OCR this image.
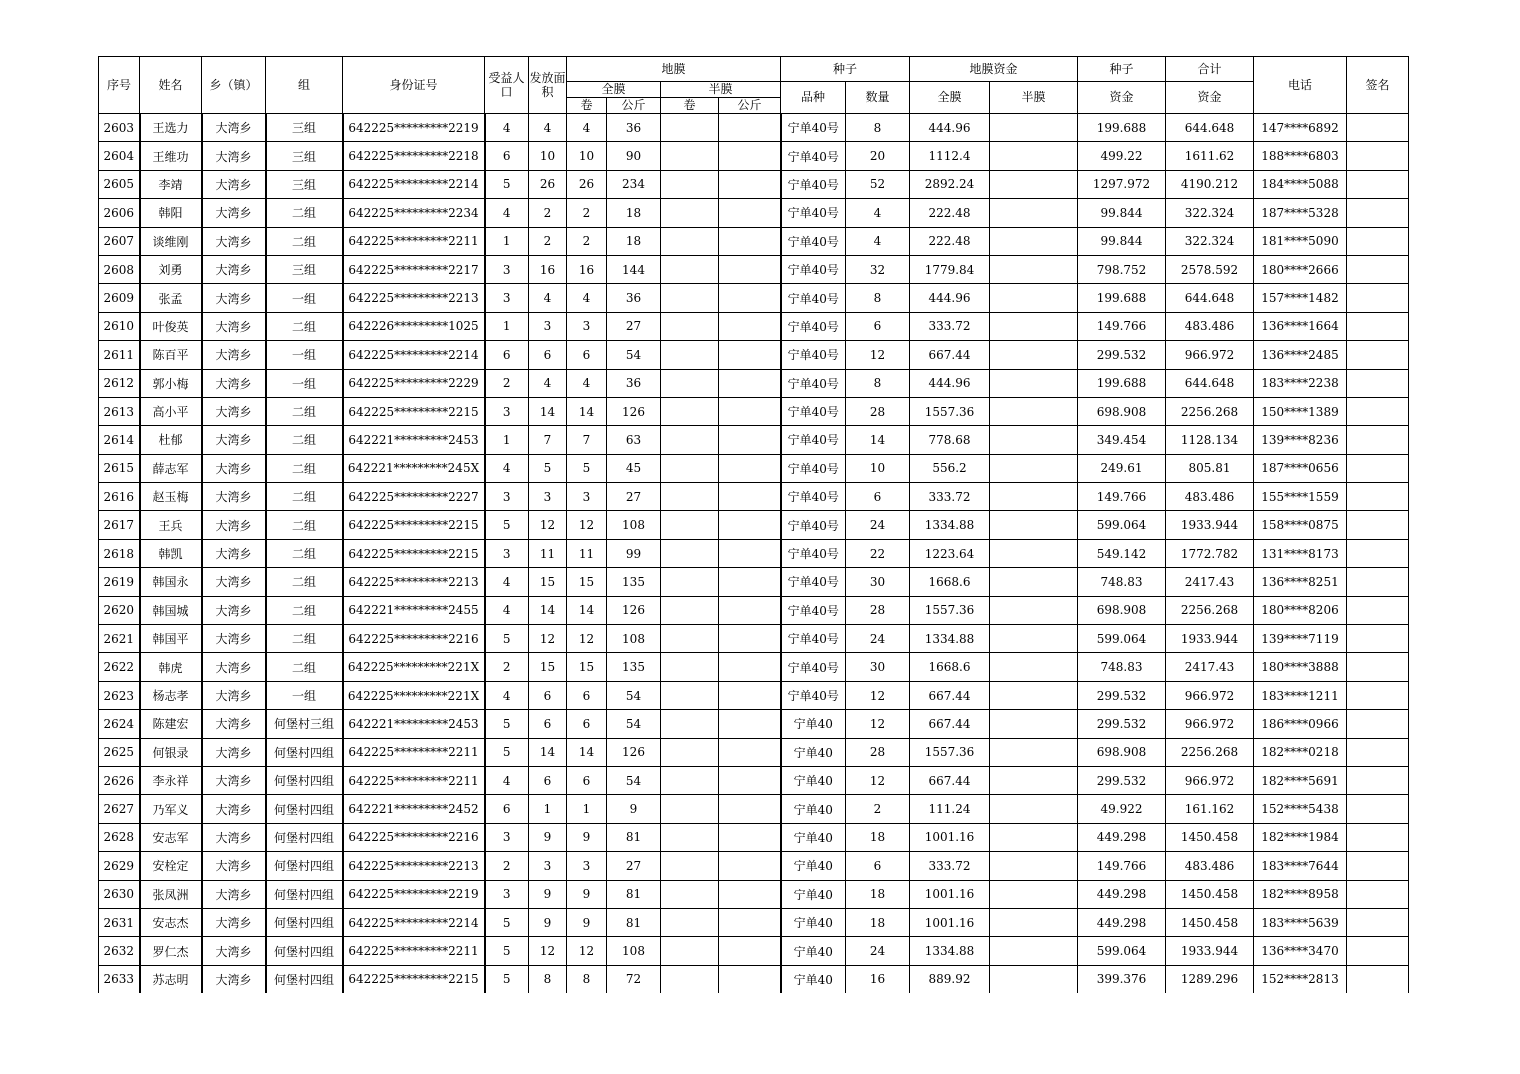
序号	姓名	乡（镇）	组	身份证号	受益人口	发放面积	地膜				种子		地膜资金		种子	合计	电话	签名
							全膜		半膜		品种	数量	全膜	半膜	资金	资金		
							卷	公斤	卷	公斤								
2603	王选力	大湾乡	三组	642225*********2219	4	4	4	36			宁单40号	8	444.96		199.688	644.648	147****6892	
2604	王维功	大湾乡	三组	642225*********2218	6	10	10	90			宁单40号	20	1112.4		499.22	1611.62	188****6803	
2605	李靖	大湾乡	三组	642225*********2214	5	26	26	234			宁单40号	52	2892.24		1297.972	4190.212	184****5088	
2606	韩阳	大湾乡	二组	642225*********2234	4	2	2	18			宁单40号	4	222.48		99.844	322.324	187****5328	
2607	谈维刚	大湾乡	二组	642225*********2211	1	2	2	18			宁单40号	4	222.48		99.844	322.324	181****5090	
2608	刘勇	大湾乡	三组	642225*********2217	3	16	16	144			宁单40号	32	1779.84		798.752	2578.592	180****2666	
2609	张孟	大湾乡	一组	642225*********2213	3	4	4	36			宁单40号	8	444.96		199.688	644.648	157****1482	
2610	叶俊英	大湾乡	二组	642226*********1025	1	3	3	27			宁单40号	6	333.72		149.766	483.486	136****1664	
2611	陈百平	大湾乡	一组	642225*********2214	6	6	6	54			宁单40号	12	667.44		299.532	966.972	136****2485	
2612	郭小梅	大湾乡	一组	642225*********2229	2	4	4	36			宁单40号	8	444.96		199.688	644.648	183****2238	
2613	高小平	大湾乡	二组	642225*********2215	3	14	14	126			宁单40号	28	1557.36		698.908	2256.268	150****1389	
2614	杜郁	大湾乡	二组	642221*********2453	1	7	7	63			宁单40号	14	778.68		349.454	1128.134	139****8236	
2615	薛志军	大湾乡	二组	642221*********245X	4	5	5	45			宁单40号	10	556.2		249.61	805.81	187****0656	
2616	赵玉梅	大湾乡	二组	642225*********2227	3	3	3	27			宁单40号	6	333.72		149.766	483.486	155****1559	
2617	王兵	大湾乡	二组	642225*********2215	5	12	12	108			宁单40号	24	1334.88		599.064	1933.944	158****0875	
2618	韩凯	大湾乡	二组	642225*********2215	3	11	11	99			宁单40号	22	1223.64		549.142	1772.782	131****8173	
2619	韩国永	大湾乡	二组	642225*********2213	4	15	15	135			宁单40号	30	1668.6		748.83	2417.43	136****8251	
2620	韩国城	大湾乡	二组	642221*********2455	4	14	14	126			宁单40号	28	1557.36		698.908	2256.268	180****8206	
2621	韩国平	大湾乡	二组	642225*********2216	5	12	12	108			宁单40号	24	1334.88		599.064	1933.944	139****7119	
2622	韩虎	大湾乡	二组	642225*********221X	2	15	15	135			宁单40号	30	1668.6		748.83	2417.43	180****3888	
2623	杨志孝	大湾乡	一组	642225*********221X	4	6	6	54			宁单40号	12	667.44		299.532	966.972	183****1211	
2624	陈建宏	大湾乡	何堡村三组	642221*********2453	5	6	6	54			宁单40	12	667.44		299.532	966.972	186****0966	
2625	何银录	大湾乡	何堡村四组	642225*********2211	5	14	14	126			宁单40	28	1557.36		698.908	2256.268	182****0218	
2626	李永祥	大湾乡	何堡村四组	642225*********2211	4	6	6	54			宁单40	12	667.44		299.532	966.972	182****5691	
2627	乃军义	大湾乡	何堡村四组	642221*********2452	6	1	1	9			宁单40	2	111.24		49.922	161.162	152****5438	
2628	安志军	大湾乡	何堡村四组	642225*********2216	3	9	9	81			宁单40	18	1001.16		449.298	1450.458	182****1984	
2629	安栓定	大湾乡	何堡村四组	642225*********2213	2	3	3	27			宁单40	6	333.72		149.766	483.486	183****7644	
2630	张凤洲	大湾乡	何堡村四组	642225*********2219	3	9	9	81			宁单40	18	1001.16		449.298	1450.458	182****8958	
2631	安志杰	大湾乡	何堡村四组	642225*********2214	5	9	9	81			宁单40	18	1001.16		449.298	1450.458	183****5639	
2632	罗仁杰	大湾乡	何堡村四组	642225*********2211	5	12	12	108			宁单40	24	1334.88		599.064	1933.944	136****3470	
2633	苏志明	大湾乡	何堡村四组	642225*********2215	5	8	8	72			宁单40	16	889.92		399.376	1289.296	152****2813	
